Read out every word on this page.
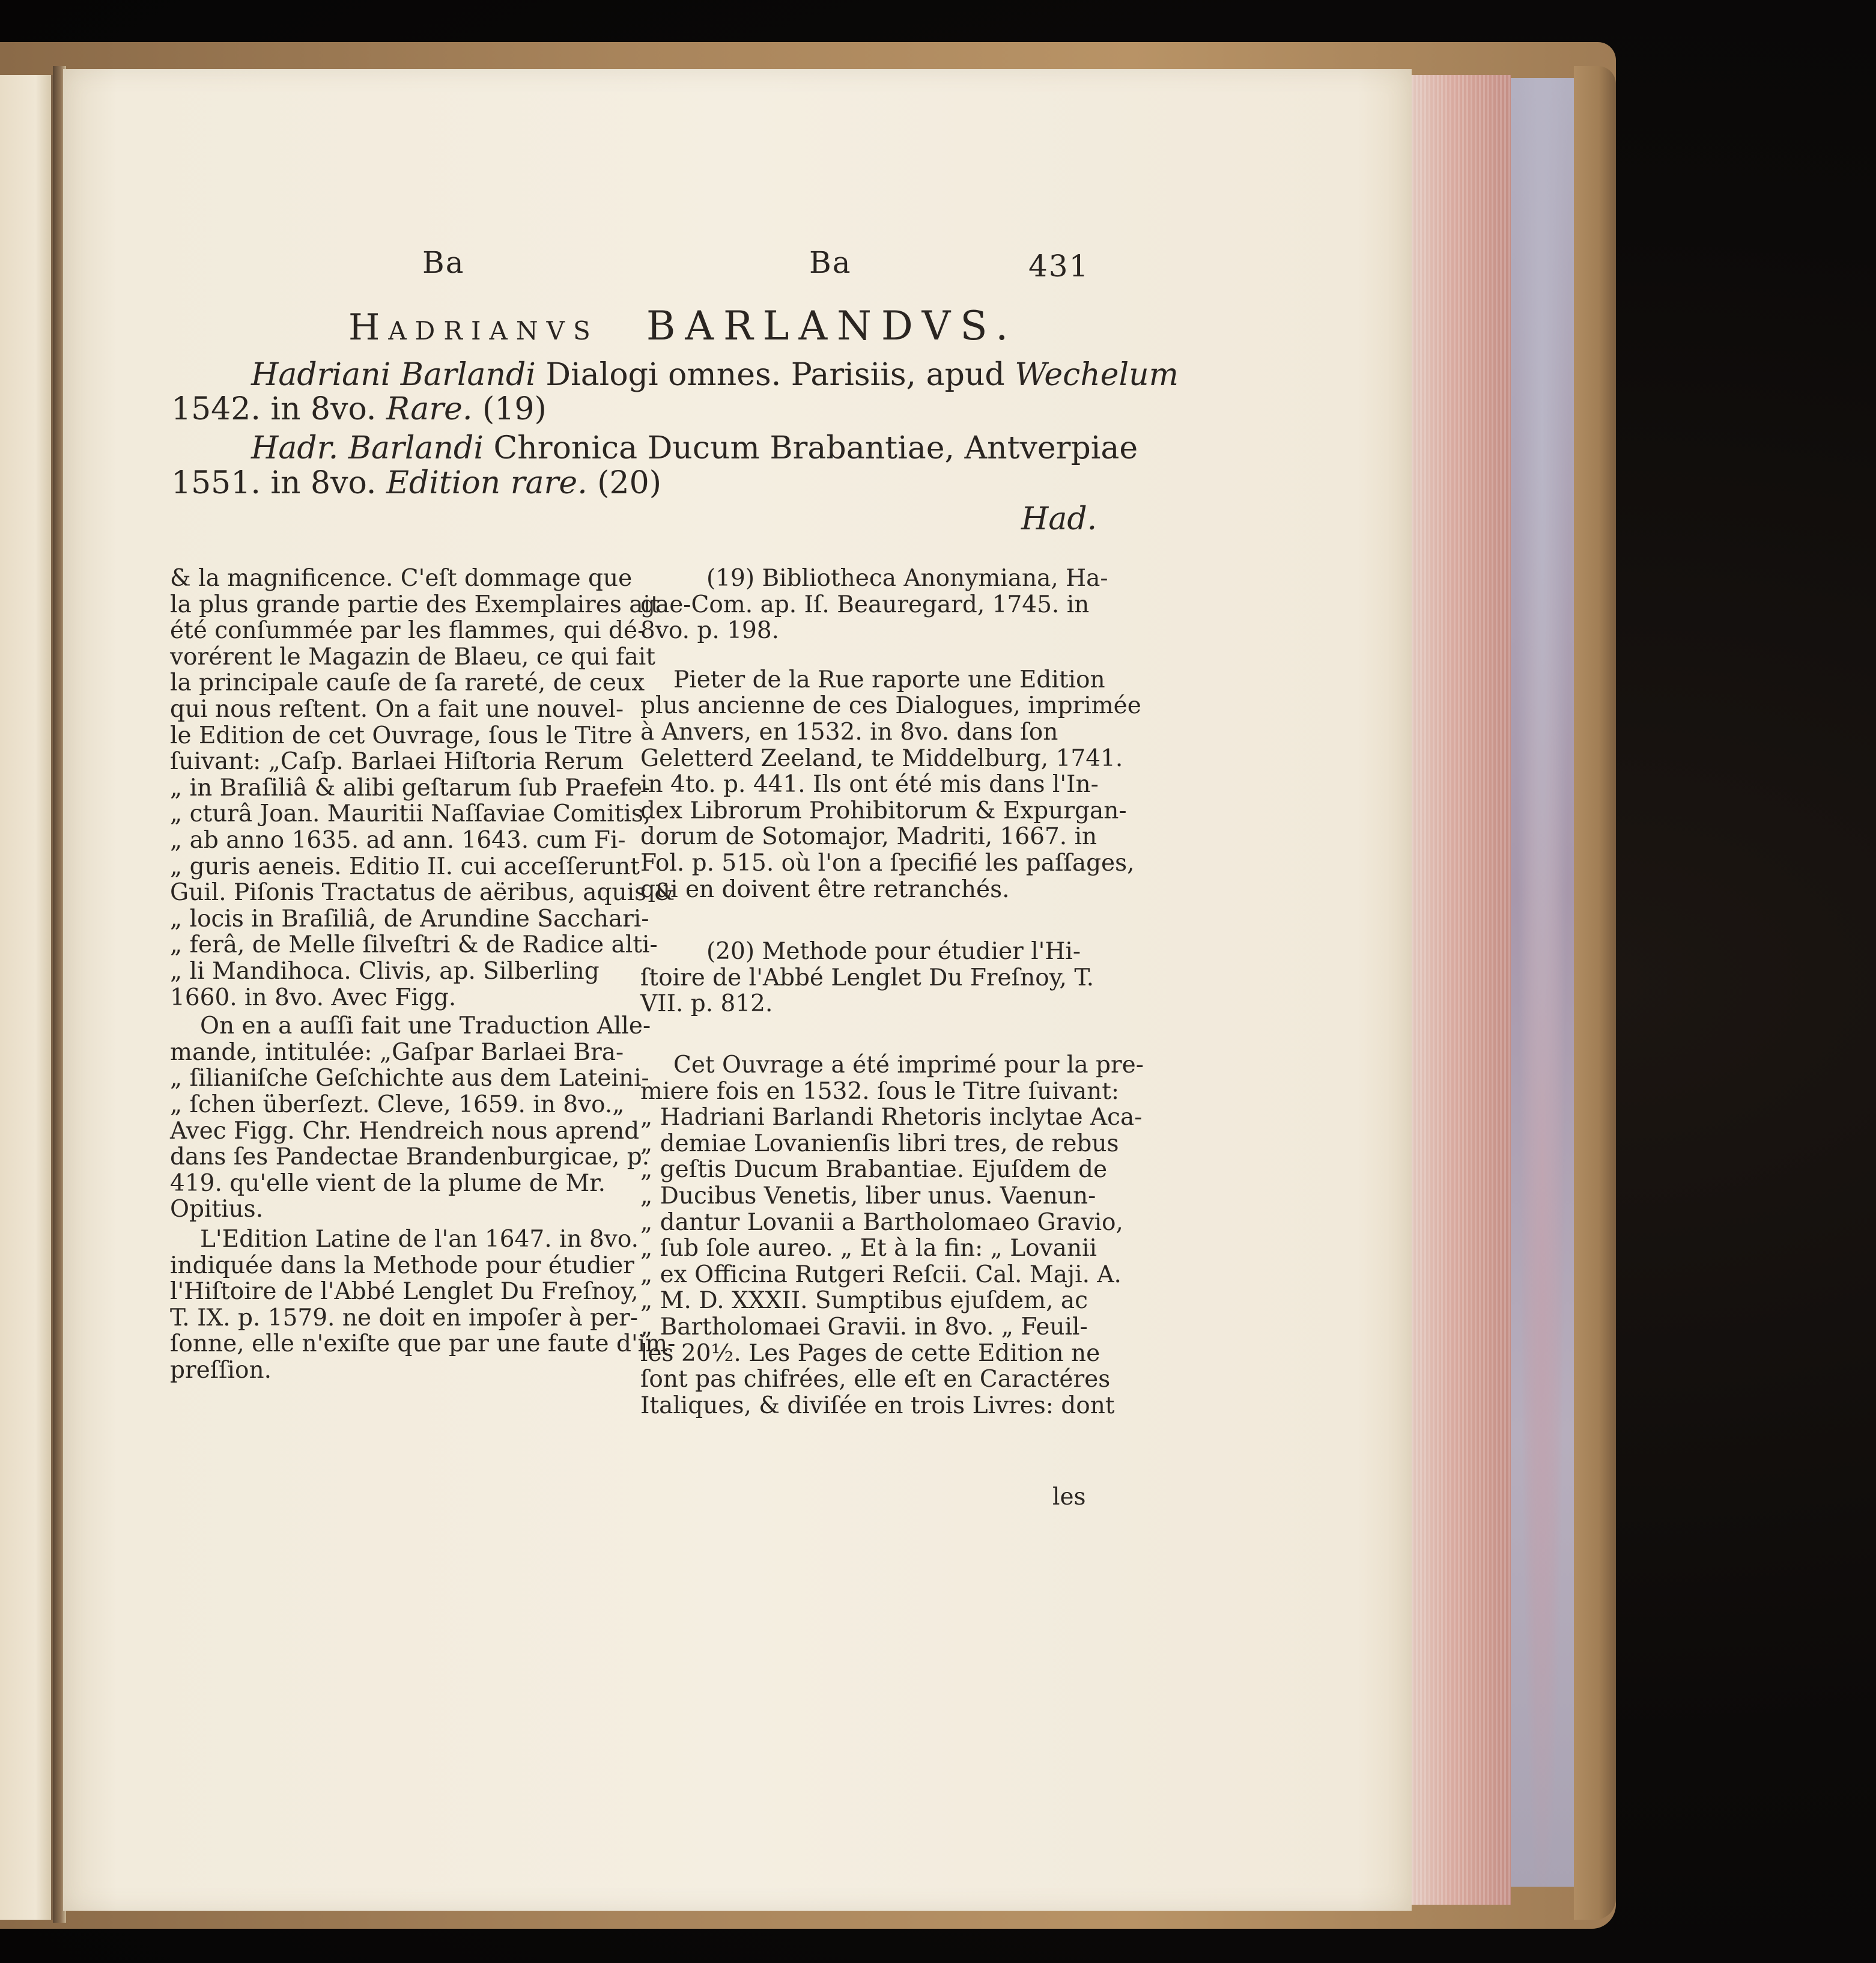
Ba	Ba	431
Hadrianvs BARLANDVS.
Hadriani Barlandi Dialogi omnes. Parisiis, apud Wechelum
1542. in 8vo. Rare. (19)
Hadr. Barlandi Chronica Ducum Brabantiae, Antverpiae
1551. in 8vo. Edition rare. (20)
Had.
& la magnificence. C'eſt dommage que
la plus grande partie des Exemplaires ait
été conſummée par les flammes, qui dé-
vorérent le Magazin de Blaeu, ce qui fait
la principale cauſe de ſa rareté, de ceux
qui nous reſtent. On a fait une nouvel-
le Edition de cet Ouvrage, ſous le Titre
ſuivant: „Caſp. Barlaei Hiſtoria Rerum
„ in Braſiliâ & alibi geſtarum ſub Praefe-
„ cturâ Joan. Mauritii Naſſaviae Comitis,
„ ab anno 1635. ad ann. 1643. cum Fi-
„ guris aeneis. Editio II. cui acceſſerunt
Guil. Piſonis Tractatus de aëribus, aquis &
„ locis in Braſiliâ, de Arundine Sacchari-
„ ferâ, de Melle ſilveſtri & de Radice alti-
„ li Mandihoca. Clivis, ap. Silberling
1660. in 8vo. Avec Figg.
On en a auſſi fait une Traduction Alle-
mande, intitulée: „Gaſpar Barlaei Bra-
„ ſilianiſche Geſchichte aus dem Lateini-
„ ſchen überſezt. Cleve, 1659. in 8vo.„
Avec Figg. Chr. Hendreich nous aprend
dans ſes Pandectae Brandenburgicae, p.
419. qu'elle vient de la plume de Mr.
Opitius.
L'Edition Latine de l'an 1647. in 8vo.
indiquée dans la Methode pour étudier
l'Hiſtoire de l'Abbé Lenglet Du Freſnoy,
T. IX. p. 1579. ne doit en impoſer à per-
ſonne, elle n'exiſte que par une faute d'im-
preſſion.
(19) Bibliotheca Anonymiana, Ha-
gae-Com. ap. Iſ. Beauregard, 1745. in
8vo. p. 198.
Pieter de la Rue raporte une Edition
plus ancienne de ces Dialogues, imprimée
à Anvers, en 1532. in 8vo. dans ſon
Geletterd Zeeland, te Middelburg, 1741.
in 4to. p. 441. Ils ont été mis dans l'In-
dex Librorum Prohibitorum & Expurgan-
dorum de Sotomajor, Madriti, 1667. in
Fol. p. 515. où l'on a ſpecifié les paſſages,
qui en doivent être retranchés.
(20) Methode pour étudier l'Hi-
ſtoire de l'Abbé Lenglet Du Freſnoy, T.
VII. p. 812.
Cet Ouvrage a été imprimé pour la pre-
miere fois en 1532. ſous le Titre ſuivant:
„ Hadriani Barlandi Rhetoris inclytae Aca-
„ demiae Lovanienſis libri tres, de rebus
„ geſtis Ducum Brabantiae. Ejuſdem de
„ Ducibus Venetis, liber unus. Vaenun-
„ dantur Lovanii a Bartholomaeo Gravio,
„ ſub ſole aureo. „ Et à la fin: „ Lovanii
„ ex Officina Rutgeri Reſcii. Cal. Maji. A.
„ M. D. XXXII. Sumptibus ejuſdem, ac
„ Bartholomaei Gravii. in 8vo. „ Feuil-
les 20½. Les Pages de cette Edition ne
ſont pas chifrées, elle eſt en Caractéres
Italiques, & diviſée en trois Livres: dont
les
